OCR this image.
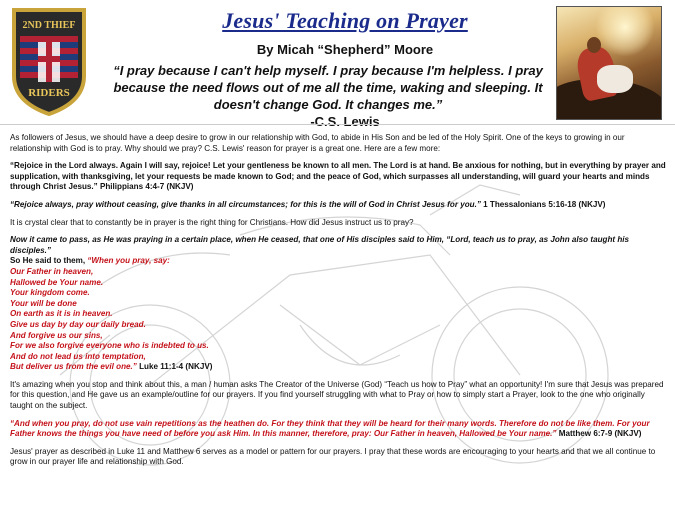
2ND THIEF
RIDERS
Jesus' Teaching on Prayer
By Micah “Shepherd” Moore
“I pray because I can't help myself. I pray because I'm helpless. I pray because the need flows out of me all the time, waking and sleeping. It doesn't change God. It changes me.”
-C.S. Lewis

As followers of Jesus, we should have a deep desire to grow in our relationship with God, to abide in His Son and be led of the Holy Spirit. One of the keys to growing in our relationship with God is to pray. Why should we pray? C.S. Lewis' reason for prayer is a great one. Here are a few more:

“Rejoice in the Lord always. Again I will say, rejoice! Let your gentleness be known to all men. The Lord is at hand. Be anxious for nothing, but in everything by prayer and supplication, with thanksgiving, let your requests be made known to God; and the peace of God, which surpasses all understanding, will guard your hearts and minds through Christ Jesus.” Philippians 4:4-7 (NKJV)

“Rejoice always, pray without ceasing, give thanks in all circumstances; for this is the will of God in Christ Jesus for you.” 1 Thessalonians 5:16-18 (NKJV)

It is crystal clear that to constantly be in prayer is the right thing for Christians. How did Jesus instruct us to pray?

Now it came to pass, as He was praying in a certain place, when He ceased, that one of His disciples said to Him, “Lord, teach us to pray, as John also taught his disciples.”
So He said to them, “When you pray, say:
Our Father in heaven,
Hallowed be Your name.
Your kingdom come.
Your will be done
On earth as it is in heaven.
Give us day by day our daily bread.
And forgive us our sins,
For we also forgive everyone who is indebted to us.
And do not lead us into temptation,
But deliver us from the evil one.” Luke 11:1-4 (NKJV)

It's amazing when you stop and think about this, a man / human asks The Creator of the Universe (God) “Teach us how to Pray” what an opportunity! I'm sure that Jesus was prepared for this question, and He gave us an example/outline for our prayers. If you find yourself struggling with what to Pray or how to simply start a Prayer, look to the one who originally taught on the subject.

“And when you pray, do not use vain repetitions as the heathen do. For they think that they will be heard for their many words. Therefore do not be like them. For your Father knows the things you have need of before you ask Him. In this manner, therefore, pray: Our Father in heaven, Hallowed be Your name.” Matthew 6:7-9 (NKJV)

Jesus' prayer as described in Luke 11 and Matthew 6 serves as a model or pattern for our prayers. I pray that these words are encouraging to your hearts and that we all continue to grow in our prayer life and relationship with God.
